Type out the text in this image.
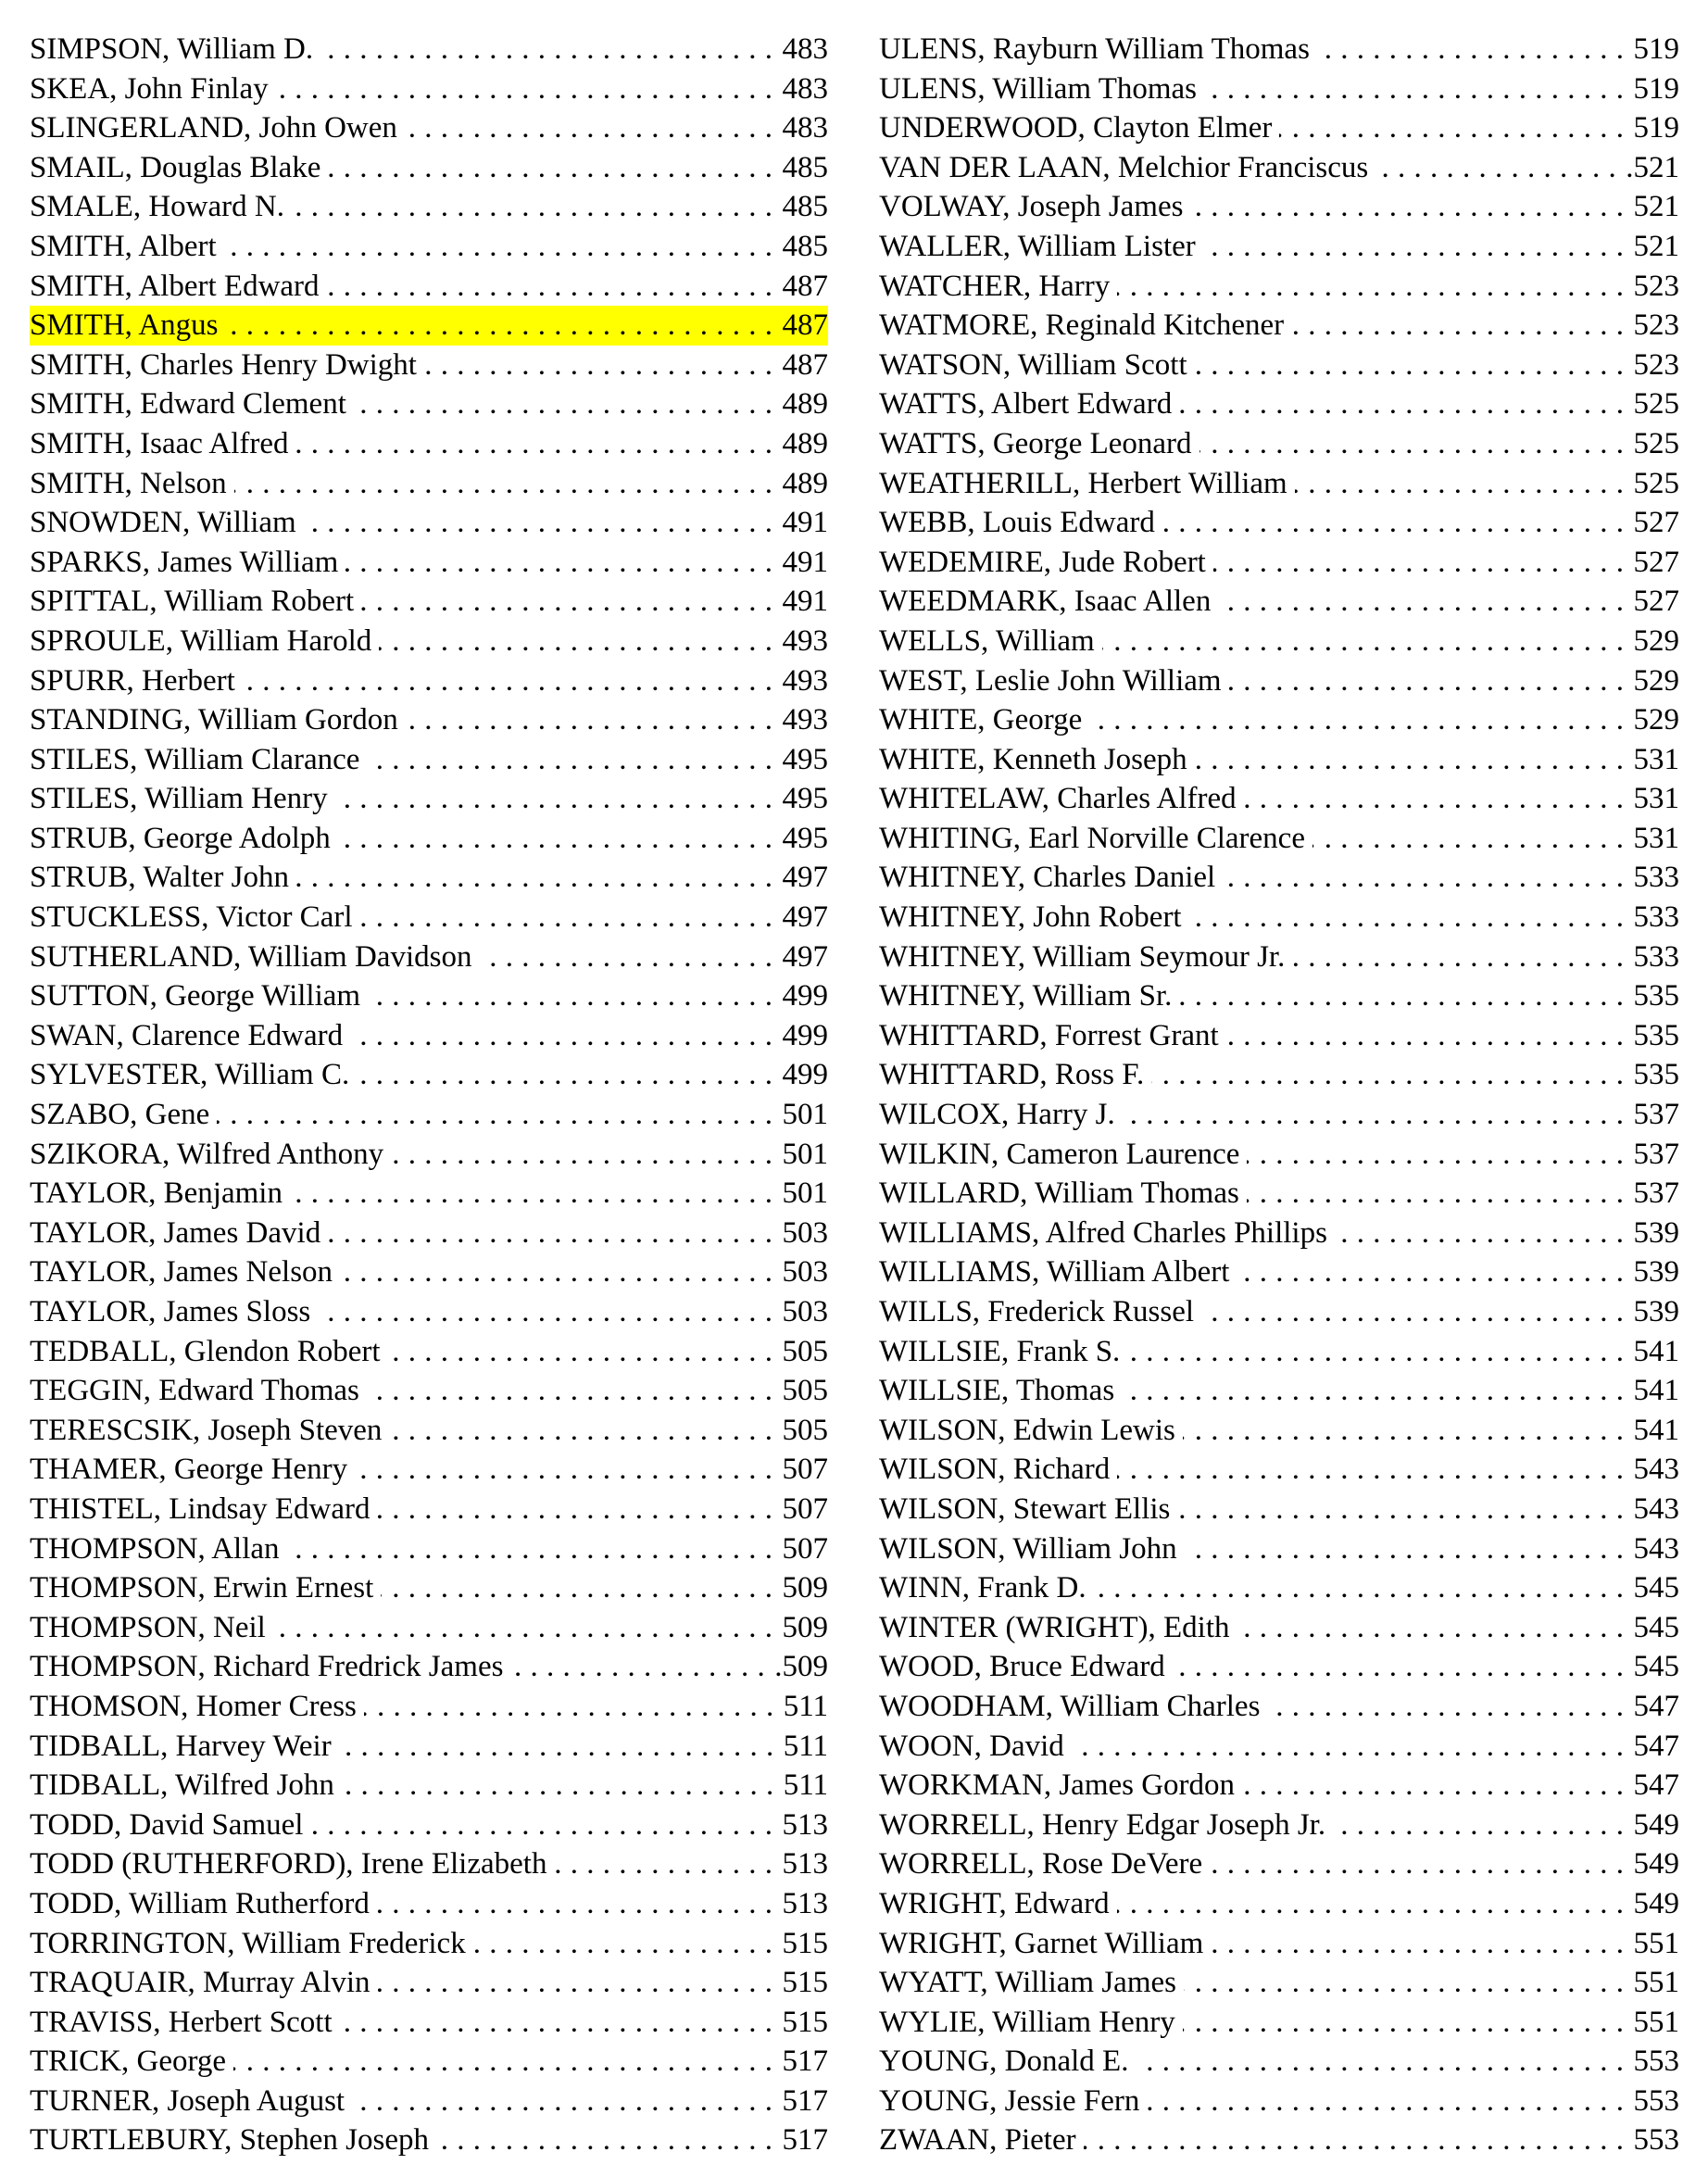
SIMPSON, William D. . . .	483
SKEA, John Finlay . . .	483
SLINGERLAND, John Owen . . .	483
SMAIL, Douglas Blake . . .	485
SMALE, Howard N. . . .	485
SMITH, Albert . . .	485
SMITH, Albert Edward . . .	487
SMITH, Angus . . .	487
SMITH, Charles Henry Dwight . . .	487
SMITH, Edward Clement . . .	489
SMITH, Isaac Alfred . . .	489
SMITH, Nelson . . .	489
SNOWDEN, William . . .	491
SPARKS, James William . . .	491
SPITTAL, William Robert . . .	491
SPROULE, William Harold . . .	493
SPURR, Herbert . . .	493
STANDING, William Gordon . . .	493
STILES, William Clarance . . .	495
STILES, William Henry . . .	495
STRUB, George Adolph . . .	495
STRUB, Walter John . . .	497
STUCKLESS, Victor Carl . . .	497
SUTHERLAND, William Davidson . . .	497
SUTTON, George William . . .	499
SWAN, Clarence Edward . . .	499
SYLVESTER, William C. . . .	499
SZABO, Gene . . .	501
SZIKORA, Wilfred Anthony . . .	501
TAYLOR, Benjamin . . .	501
TAYLOR, James David . . .	503
TAYLOR, James Nelson . . .	503
TAYLOR, James Sloss . . .	503
TEDBALL, Glendon Robert . . .	505
TEGGIN, Edward Thomas . . .	505
TERESCSIK, Joseph Steven . . .	505
THAMER, George Henry . . .	507
THISTEL, Lindsay Edward . . .	507
THOMPSON, Allan . . .	507
THOMPSON, Erwin Ernest . . .	509
THOMPSON, Neil . . .	509
THOMPSON, Richard Fredrick James . . .	.509
THOMSON, Homer Cress . . .	511
TIDBALL, Harvey Weir . . .	511
TIDBALL, Wilfred John . . .	511
TODD, David Samuel . . .	513
TODD (RUTHERFORD), Irene Elizabeth . . .	513
TODD, William Rutherford . . .	513
TORRINGTON, William Frederick . . .	515
TRAQUAIR, Murray Alvin . . .	515
TRAVISS, Herbert Scott . . .	515
TRICK, George . . .	517
TURNER, Joseph August . . .	517
TURTLEBURY, Stephen Joseph . . .	517
ULENS, Rayburn William Thomas . . .	519
ULENS, William Thomas . . .	519
UNDERWOOD, Clayton Elmer . . .	519
VAN DER LAAN, Melchior Franciscus . . .	.521
VOLWAY, Joseph James . . .	521
WALLER, William Lister . . .	521
WATCHER, Harry . . .	523
WATMORE, Reginald Kitchener . . .	523
WATSON, William Scott . . .	523
WATTS, Albert Edward . . .	525
WATTS, George Leonard . . .	525
WEATHERILL, Herbert William . . .	525
WEBB, Louis Edward . . .	527
WEDEMIRE, Jude Robert . . .	527
WEEDMARK, Isaac Allen . . .	527
WELLS, William . . .	529
WEST, Leslie John William . . .	529
WHITE, George . . .	529
WHITE, Kenneth Joseph . . .	531
WHITELAW, Charles Alfred . . .	531
WHITING, Earl Norville Clarence . . .	531
WHITNEY, Charles Daniel . . .	533
WHITNEY, John Robert . . .	533
WHITNEY, William Seymour Jr. . . .	533
WHITNEY, William Sr. . . .	535
WHITTARD, Forrest Grant . . .	535
WHITTARD, Ross F. . . .	535
WILCOX, Harry J. . . .	537
WILKIN, Cameron Laurence . . .	537
WILLARD, William Thomas . . .	537
WILLIAMS, Alfred Charles Phillips . . .	539
WILLIAMS, William Albert . . .	539
WILLS, Frederick Russel . . .	539
WILLSIE, Frank S. . . .	541
WILLSIE, Thomas . . .	541
WILSON, Edwin Lewis . . .	541
WILSON, Richard . . .	543
WILSON, Stewart Ellis . . .	543
WILSON, William John . . .	543
WINN, Frank D. . . .	545
WINTER (WRIGHT), Edith . . .	545
WOOD, Bruce Edward . . .	545
WOODHAM, William Charles . . .	547
WOON, David . . .	547
WORKMAN, James Gordon . . .	547
WORRELL, Henry Edgar Joseph Jr. . . .	549
WORRELL, Rose DeVere . . .	549
WRIGHT, Edward . . .	549
WRIGHT, Garnet William . . .	551
WYATT, William James . . .	551
WYLIE, William Henry . . .	551
YOUNG, Donald E. . . .	553
YOUNG, Jessie Fern . . .	553
ZWAAN, Pieter . . .	553
